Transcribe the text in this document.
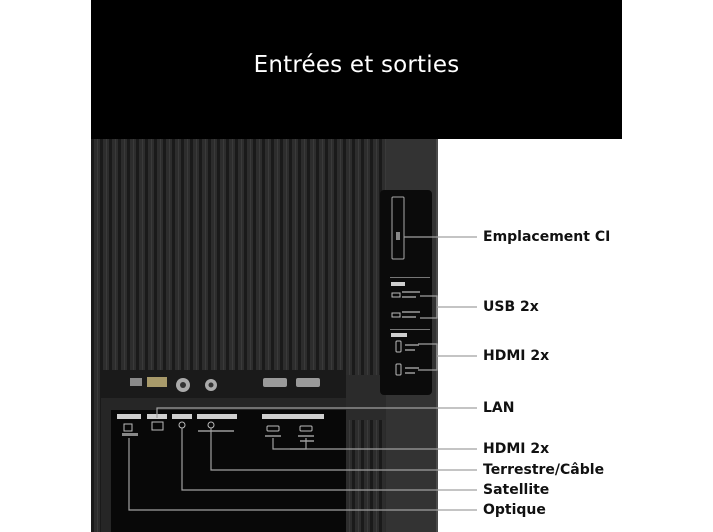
Entrées et sorties
Emplacement CI
USB 2x
HDMI 2x
LAN
HDMI 2x
Terrestre/Câble
Satellite
Optique
